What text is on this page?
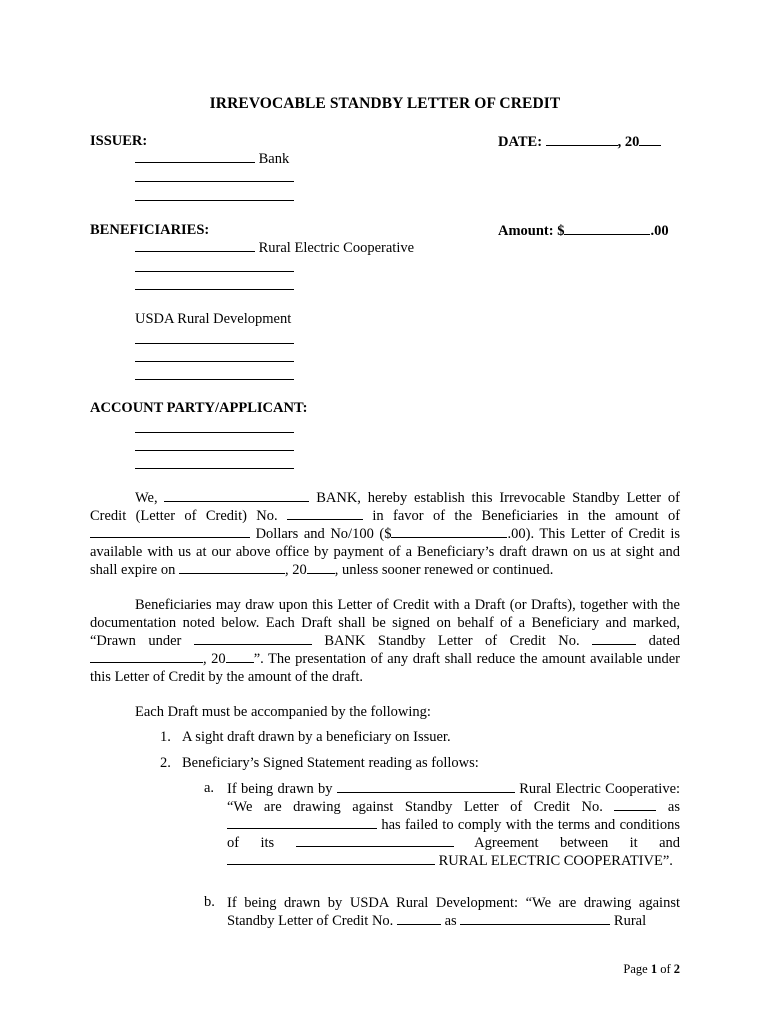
IRREVOCABLE STANDBY LETTER OF CREDIT
ISSUER:	DATE:	, 20
Bank
BENEFICIARIES:	Amount: $	.00
Rural Electric Cooperative
USDA Rural Development
ACCOUNT PARTY/APPLICANT:

We,	BANK, hereby establish this Irrevocable Standby Letter of Credit (Letter of Credit) No.	in favor of the Beneficiaries in the amount of  Dollars and No/100 ($	.00). This Letter of Credit is available with us at our above office by payment of a Beneficiary’s draft drawn on us at sight and shall expire on	, 20 , unless sooner renewed or continued.

Beneficiaries may draw upon this Letter of Credit with a Draft (or Drafts), together with the documentation noted below. Each Draft shall be signed on behalf of a Beneficiary and marked, “Drawn under	BANK Standby Letter of Credit No.	dated , 20 ”. The presentation of any draft shall reduce the amount available under this Letter of Credit by the amount of the draft.

Each Draft must be accompanied by the following:
1. A sight draft drawn by a beneficiary on Issuer.
2. Beneficiary’s Signed Statement reading as follows:
a. If being drawn by	Rural Electric Cooperative: “We are drawing against Standby Letter of Credit No.	as  has failed to comply with the terms and conditions of its	Agreement between it and  RURAL ELECTRIC COOPERATIVE”.
b. If being drawn by USDA Rural Development: “We are drawing against Standby Letter of Credit No.	as	Rural
Page 1 of 2
